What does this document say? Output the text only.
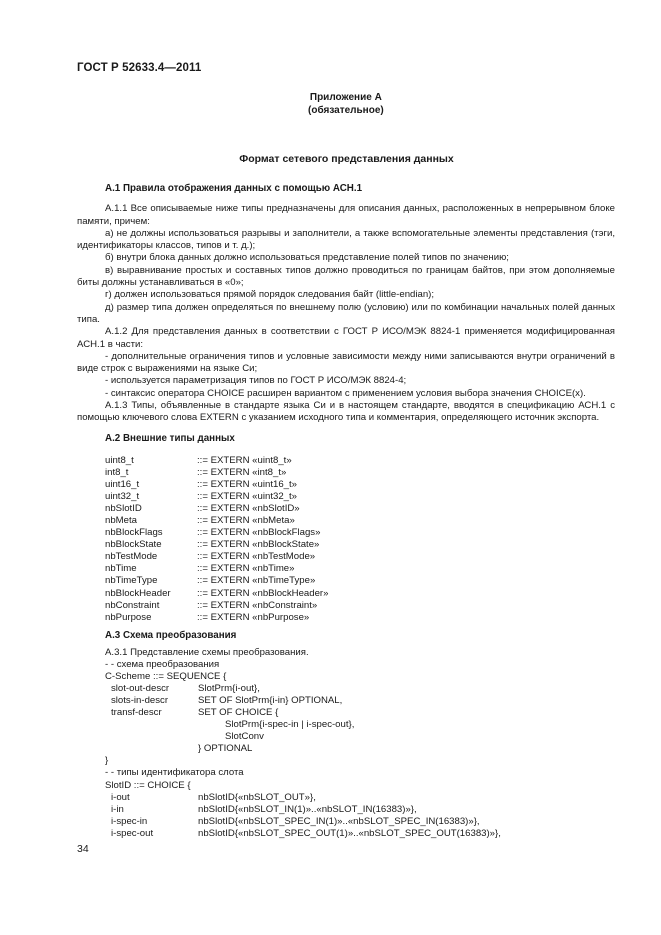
ГОСТ Р 52633.4—2011
Приложение А
(обязательное)
Формат сетевого представления данных

А.1 Правила отображения данных с помощью АСН.1

А.1.1 Все описываемые ниже типы предназначены для описания данных, расположенных в непрерывном блоке памяти, причем:

а) не должны использоваться разрывы и заполнители, а также вспомогательные элементы представления (тэги, идентификаторы классов, типов и т. д.);

б) внутри блока данных должно использоваться представление полей типов по значению;

в) выравнивание простых и составных типов должно проводиться по границам байтов, при этом дополняемые биты должны устанавливаться в «0»;

г) должен использоваться прямой порядок следования байт (little-endian);

д) размер типа должен определяться по внешнему полю (условию) или по комбинации начальных полей данных типа.

А.1.2 Для представления данных в соответствии с ГОСТ Р ИСО/МЭК 8824-1 применяется модифицированная АСН.1 в части:

- дополнительные ограничения типов и условные зависимости между ними записываются внутри ограничений в виде строк с выражениями на языке Си;

- используется параметризация типов по ГОСТ Р ИСО/МЭК 8824-4;

- синтаксис оператора CHOICE расширен вариантом с применением условия выбора значения CHOICE(x).

А.1.3 Типы, объявленные в стандарте языка Си и в настоящем стандарте, вводятся в спецификацию АСН.1 с помощью ключевого слова EXTERN с указанием исходного типа и комментария, определяющего источник экспорта.

А.2 Внешние типы данных

uint8_t	::= EXTERN «uint8_t»
int8_t	::= EXTERN «int8_t»
uint16_t	::= EXTERN «uint16_t»
uint32_t	::= EXTERN «uint32_t»
nbSlotID	::= EXTERN «nbSlotID»
nbMeta	::= EXTERN «nbMeta»
nbBlockFlags	::= EXTERN «nbBlockFlags»
nbBlockState	::= EXTERN «nbBlockState»
nbTestMode	::= EXTERN «nbTestMode»
nbTime	::= EXTERN «nbTime»
nbTimeType	::= EXTERN «nbTimeType»
nbBlockHeader	::= EXTERN «nbBlockHeader»
nbConstraint	::= EXTERN «nbConstraint»
nbPurpose	::= EXTERN «nbPurpose»

А.3 Схема преобразования

А.3.1 Представление схемы преобразования.
- - схема преобразования
C-Scheme ::= SEQUENCE {
slot-out-descr	SlotPrm{i-out},
slots-in-descr	SET OF SlotPrm{i-in} OPTIONAL,
transf-descr	SET OF CHOICE {
SlotPrm{i-spec-in | i-spec-out},
SlotConv
} OPTIONAL
}
- - типы идентификатора слота
SlotID ::= CHOICE {
i-out	nbSlotID{«nbSLOT_OUT»},
i-in	nbSlotID{«nbSLOT_IN(1)»..«nbSLOT_IN(16383)»},
i-spec-in	nbSlotID{«nbSLOT_SPEC_IN(1)»..«nbSLOT_SPEC_IN(16383)»},
i-spec-out	nbSlotID{«nbSLOT_SPEC_OUT(1)»..«nbSLOT_SPEC_OUT(16383)»},
34
